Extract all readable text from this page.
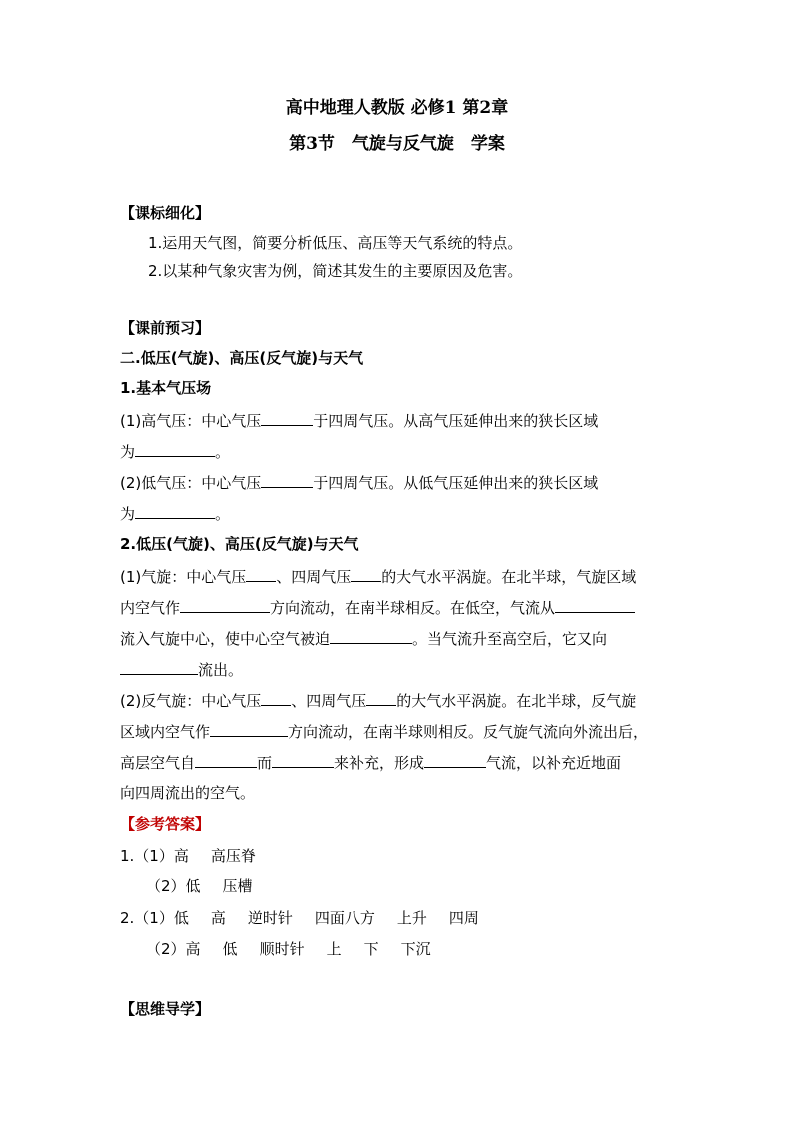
高中地理人教版 必修1 第2章
第3节　气旋与反气旋　学案
【课标细化】
1.运用天气图，简要分析低压、高压等天气系统的特点。
2.以某种气象灾害为例，简述其发生的主要原因及危害。
【课前预习】
二.低压(气旋)、高压(反气旋)与天气
1.基本气压场
(1)高气压：中心气压	于四周气压。从高气压延伸出来的狭长区域
为	。
(2)低气压：中心气压	于四周气压。从低气压延伸出来的狭长区域
为	。
2.低压(气旋)、高压(反气旋)与天气
(1)气旋：中心气压 、四周气压 的大气水平涡旋。在北半球，气旋区域
内空气作	方向流动，在南半球相反。在低空，气流从
流入气旋中心，使中心空气被迫	。当气流升至高空后，它又向
流出。
(2)反气旋：中心气压 、四周气压 的大气水平涡旋。在北半球，反气旋
区域内空气作	方向流动，在南半球则相反。反气旋气流向外流出后，
高层空气自	而	来补充，形成	气流，以补充近地面
向四周流出的空气。
【参考答案】
1.（1）高 高压脊
（2）低 压槽
2.（1）低 高 逆时针 四面八方 上升 四周
（2）高 低 顺时针 上 下 下沉
【思维导学】
